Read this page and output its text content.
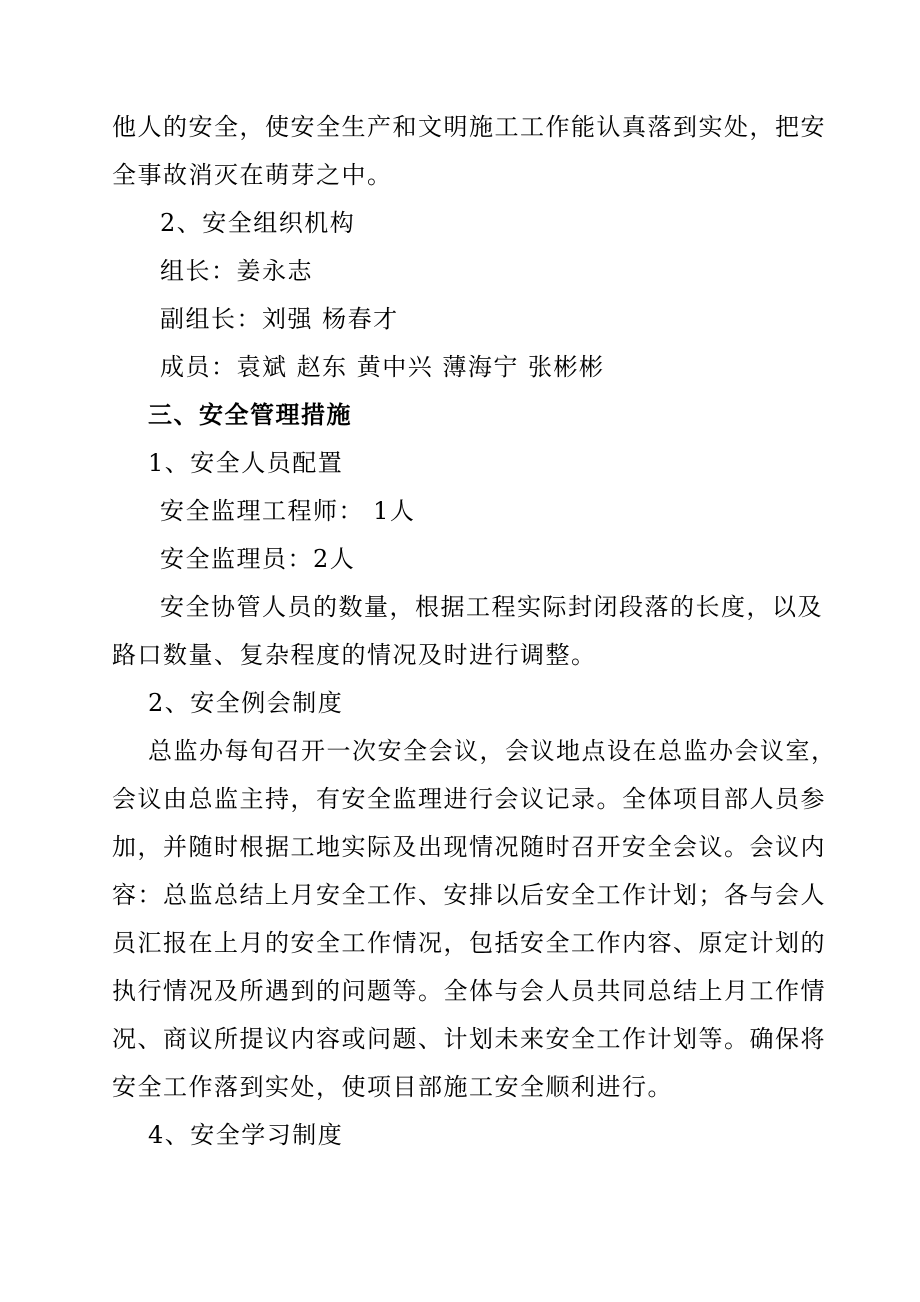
他人的安全，使安全生产和文明施工工作能认真落到实处，把安
全事故消灭在萌芽之中。
2、安全组织机构
组长：姜永志
副组长：刘强 杨春才
成员：袁斌 赵东 黄中兴 薄海宁 张彬彬
三、安全管理措施
1、安全人员配置
安全监理工程师： 1人
安全监理员：2人
安全协管人员的数量，根据工程实际封闭段落的长度，以及
路口数量、复杂程度的情况及时进行调整。
2、安全例会制度
总监办每旬召开一次安全会议，会议地点设在总监办会议室，
会议由总监主持，有安全监理进行会议记录。全体项目部人员参
加，并随时根据工地实际及出现情况随时召开安全会议。会议内
容：总监总结上月安全工作、安排以后安全工作计划；各与会人
员汇报在上月的安全工作情况，包括安全工作内容、原定计划的
执行情况及所遇到的问题等。全体与会人员共同总结上月工作情
况、商议所提议内容或问题、计划未来安全工作计划等。确保将
安全工作落到实处，使项目部施工安全顺利进行。
4、安全学习制度
